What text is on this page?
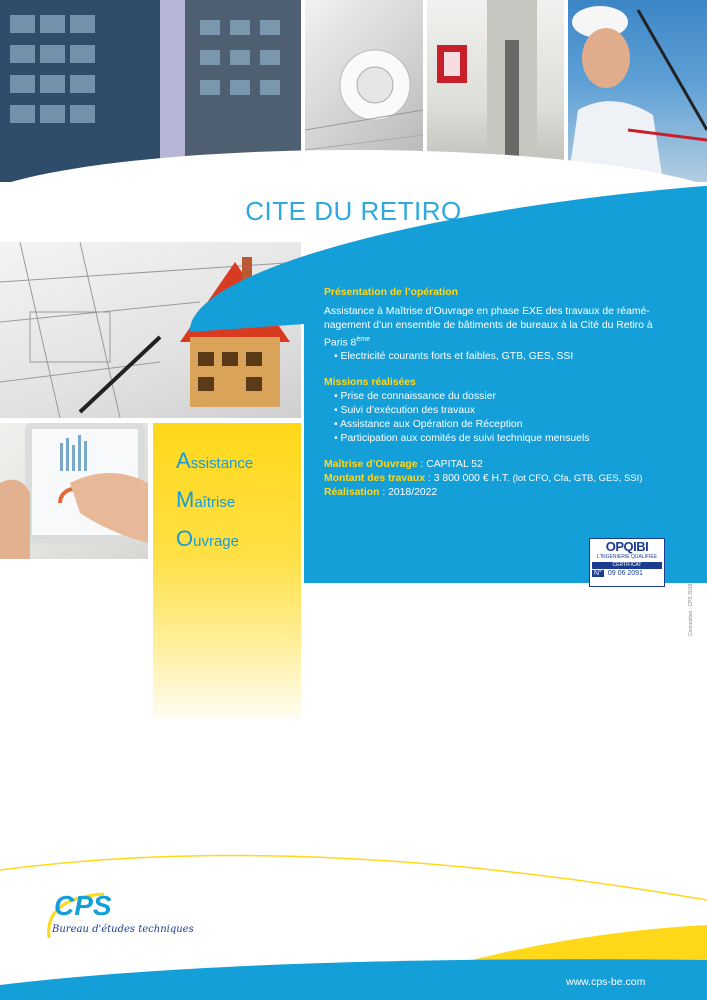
CITE DU RETIRO
Assistance
Maîtrise
Ouvrage
Présentation de l’opération

Assistance à Maîtrise d’Ouvrage en phase EXE des travaux de réaménagement d’un ensemble de bâtiments de bureaux à la Cité du Retiro à Paris 8ème

• Electricité courants forts et faibles, GTB, GES, SSI
Missions réalisées
• Prise de connaissance du dossier
• Suivi d’exécution des travaux
• Assistance aux Opération de Réception
• Participation aux comités de suivi technique mensuels

Maîtrise d’Ouvrage : CAPITAL 52

Montant des travaux : 3 800 000 € H.T. (lot CFO, Cfa, GTB, GES, SSI)

Réalisation : 2018/2022

OPQIBI
L'INGÉNIERIE QUALIFIÉE
CERTIFICAT
N° 09 06 2091
Conception : CPS 2019
CPS
Bureau d'études techniques
www.cps-be.com
